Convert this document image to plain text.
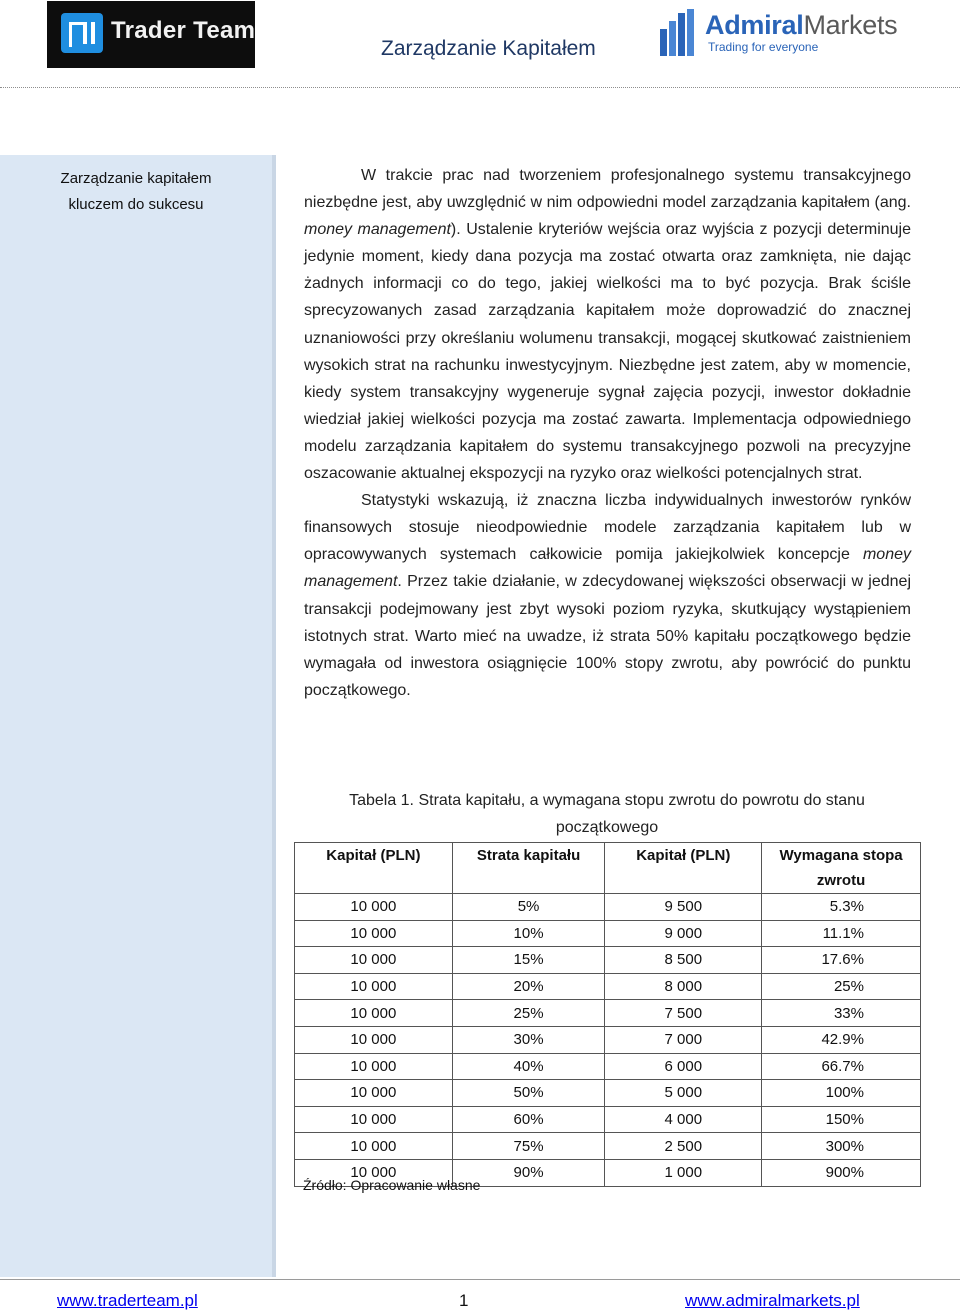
Trader Team
Zarządzanie Kapitałem
AdmiralMarkets
Trading for everyone
Zarządzanie kapitałem
kluczem do sukcesu

W trakcie prac nad tworzeniem profesjonalnego systemu transakcyjnego niezbędne jest, aby uwzględnić w nim odpowiedni model zarządzania kapitałem (ang. money management). Ustalenie kryteriów wejścia oraz wyjścia z pozycji determinuje jedynie moment, kiedy dana pozycja ma zostać otwarta oraz zamknięta, nie dając żadnych informacji co do tego, jakiej wielkości ma to być pozycja. Brak ściśle sprecyzowanych zasad zarządzania kapitałem może doprowadzić do znacznej uznaniowości przy określaniu wolumenu transakcji, mogącej skutkować zaistnieniem wysokich strat na rachunku inwestycyjnym. Niezbędne jest zatem, aby w momencie, kiedy system transakcyjny wygeneruje sygnał zajęcia pozycji, inwestor dokładnie wiedział jakiej wielkości pozycja ma zostać zawarta. Implementacja odpowiedniego modelu zarządzania kapitałem do systemu transakcyjnego pozwoli na precyzyjne oszacowanie aktualnej ekspozycji na ryzyko oraz wielkości potencjalnych strat.

Statystyki wskazują, iż znaczna liczba indywidualnych inwestorów rynków finansowych stosuje nieodpowiednie modele zarządzania kapitałem lub w opracowywanych systemach całkowicie pomija jakiejkolwiek koncepcje money management. Przez takie działanie, w zdecydowanej większości obserwacji w jednej transakcji podejmowany jest zbyt wysoki poziom ryzyka, skutkujący wystąpieniem istotnych strat. Warto mieć na uwadze, iż strata 50% kapitału początkowego będzie wymagała od inwestora osiągnięcie 100% stopy zwrotu, aby powrócić do punktu początkowego.

Tabela 1. Strata kapitału, a wymagana stopu zwrotu do powrotu do stanu początkowego
Kapitał (PLN)	Strata kapitału	Kapitał (PLN)	Wymagana stopa zwrotu
10 000	5%	9 500	5.3%
10 000	10%	9 000	11.1%
10 000	15%	8 500	17.6%
10 000	20%	8 000	25%
10 000	25%	7 500	33%
10 000	30%	7 000	42.9%
10 000	40%	6 000	66.7%
10 000	50%	5 000	100%
10 000	60%	4 000	150%
10 000	75%	2 500	300%
10 000	90%	1 000	900%
Źródło: Opracowanie własne
www.traderteam.pl	1	www.admiralmarkets.pl
